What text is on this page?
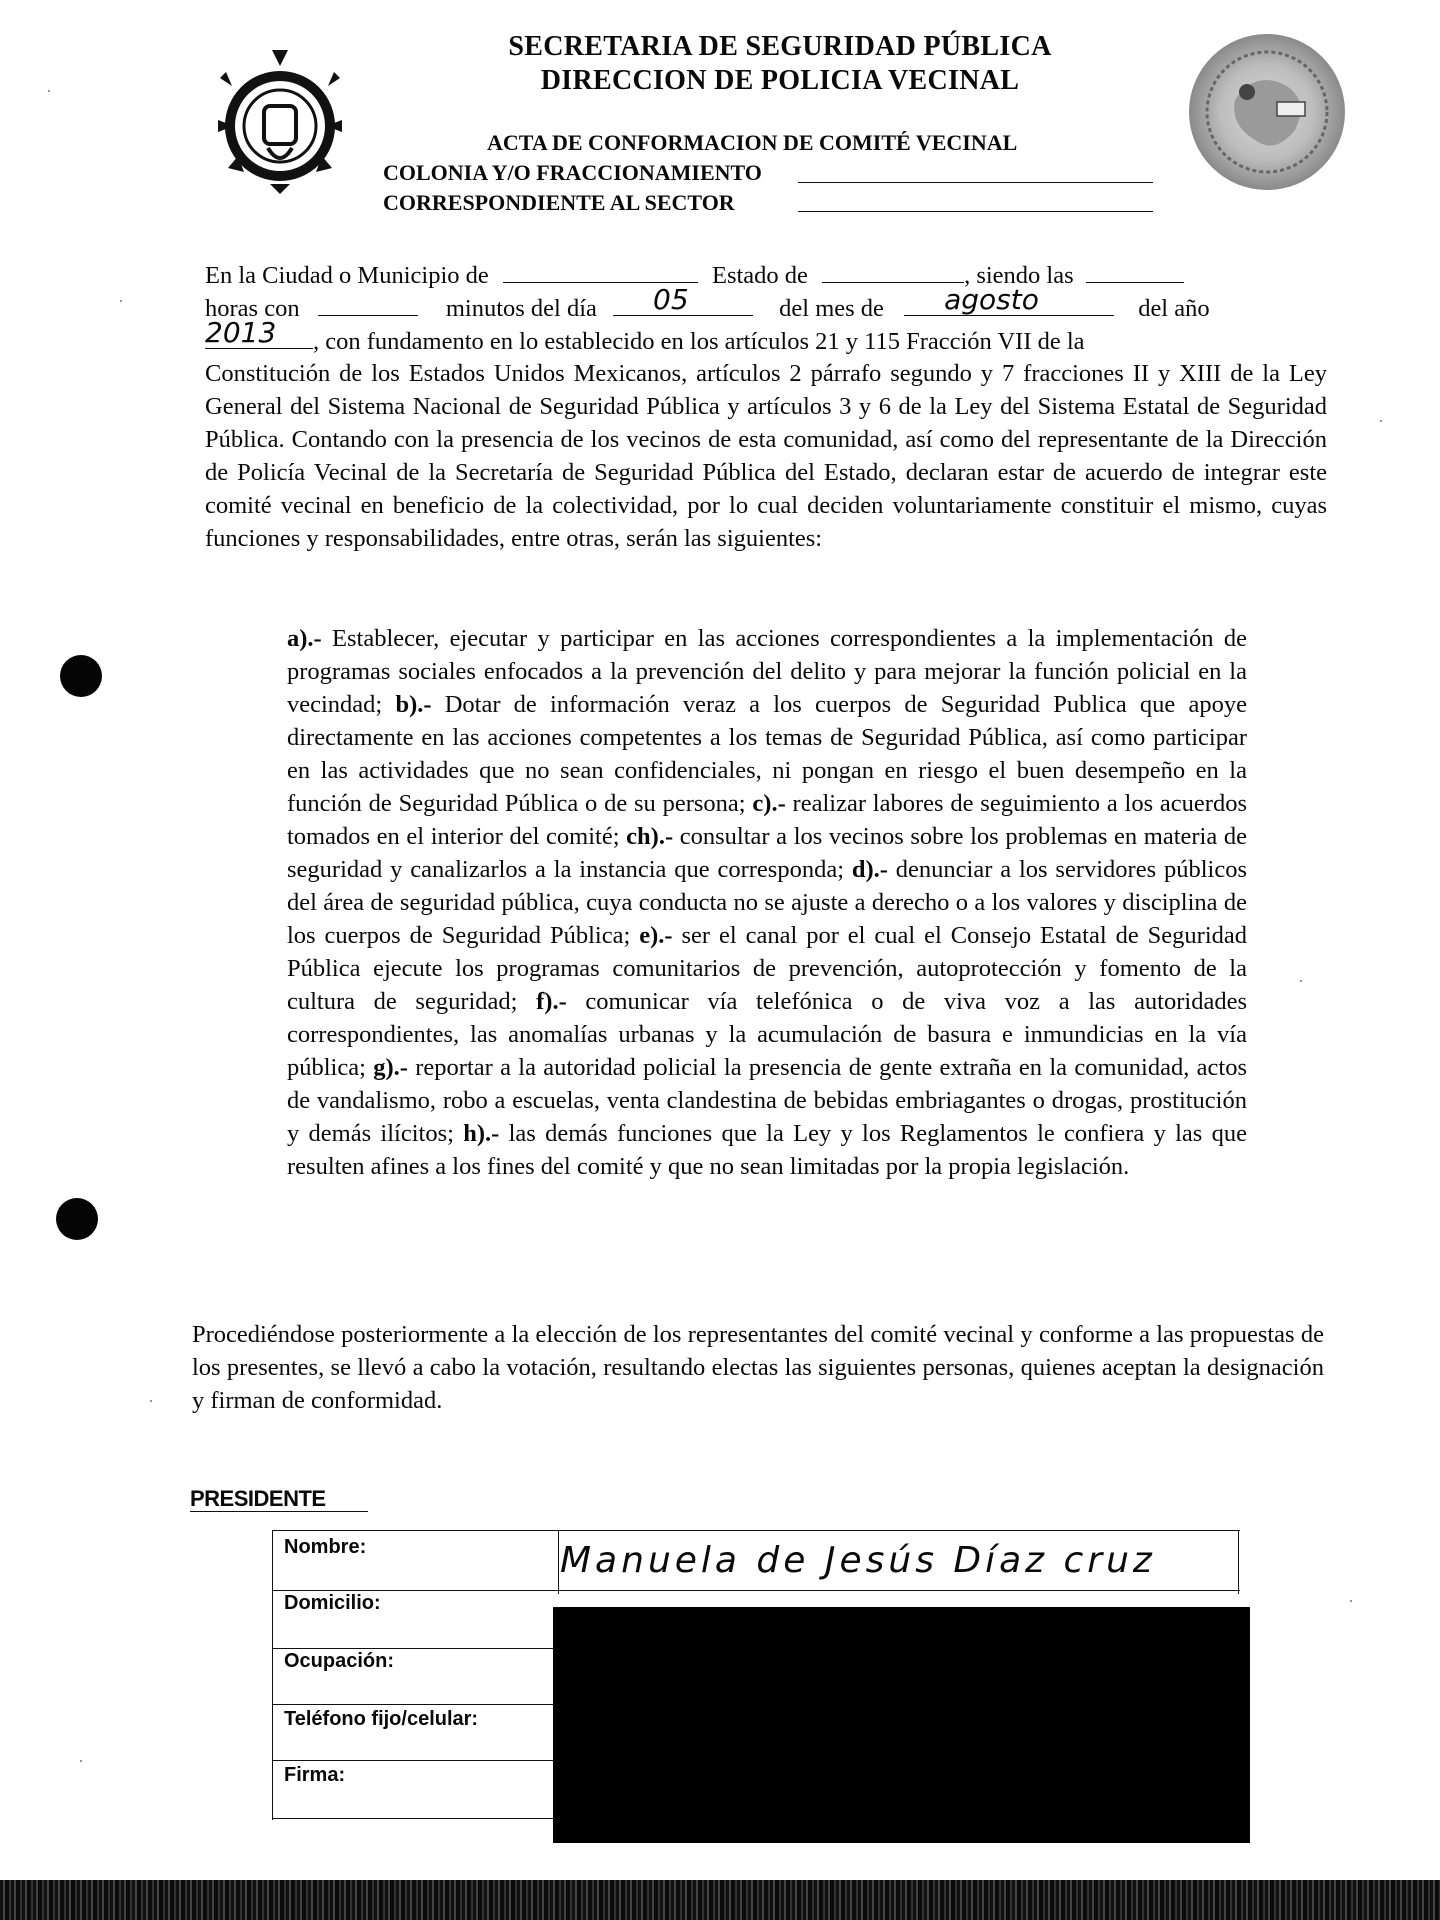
SECRETARIA DE SEGURIDAD PÚBLICA
DIRECCION DE POLICIA VECINAL
ACTA DE CONFORMACION DE COMITÉ VECINAL
COLONIA Y/O FRACCIONAMIENTO
CORRESPONDIENTE AL SECTOR
En la Ciudad o Municipio de	Estado de	, siendo las
horas con	minutos del día 05	del mes de agosto	del año
2013 , con fundamento en lo establecido en los artículos 21 y 115 Fracción VII de la

Constitución de los Estados Unidos Mexicanos, artículos 2 párrafo segundo y 7 fracciones II y XIII de la Ley General del Sistema Nacional de Seguridad Pública y artículos 3 y 6 de la Ley del Sistema Estatal de Seguridad Pública. Contando con la presencia de los vecinos de esta comunidad, así como del representante de la Dirección de Policía Vecinal de la Secretaría de Seguridad Pública del Estado, declaran estar de acuerdo de integrar este comité vecinal en beneficio de la colectividad, por lo cual deciden voluntariamente constituir el mismo, cuyas funciones y responsabilidades, entre otras, serán las siguientes:

a).- Establecer, ejecutar y participar en las acciones correspondientes a la implementación de programas sociales enfocados a la prevención del delito y para mejorar la función policial en la vecindad; b).- Dotar de información veraz a los cuerpos de Seguridad Publica que apoye directamente en las acciones competentes a los temas de Seguridad Pública, así como participar en las actividades que no sean confidenciales, ni pongan en riesgo el buen desempeño en la función de Seguridad Pública o de su persona; c).- realizar labores de seguimiento a los acuerdos tomados en el interior del comité; ch).- consultar a los vecinos sobre los problemas en materia de seguridad y canalizarlos a la instancia que corresponda; d).- denunciar a los servidores públicos del área de seguridad pública, cuya conducta no se ajuste a derecho o a los valores y disciplina de los cuerpos de Seguridad Pública; e).- ser el canal por el cual el Consejo Estatal de Seguridad Pública ejecute los programas comunitarios de prevención, autoprotección y fomento de la cultura de seguridad; f).- comunicar vía telefónica o de viva voz a las autoridades correspondientes, las anomalías urbanas y la acumulación de basura e inmundicias en la vía pública; g).- reportar a la autoridad policial la presencia de gente extraña en la comunidad, actos de vandalismo, robo a escuelas, venta clandestina de bebidas embriagantes o drogas, prostitución y demás ilícitos; h).- las demás funciones que la Ley y los Reglamentos le confiera y las que resulten afines a los fines del comité y que no sean limitadas por la propia legislación.

Procediéndose posteriormente a la elección de los representantes del comité vecinal y conforme a las propuestas de los presentes, se llevó a cabo la votación, resultando electas las siguientes personas, quienes aceptan la designación y firman de conformidad.

PRESIDENTE
Nombre:	Manuela de Jesús Díaz cruz
Domicilio:
Ocupación:
Teléfono fijo/celular:
Firma:
